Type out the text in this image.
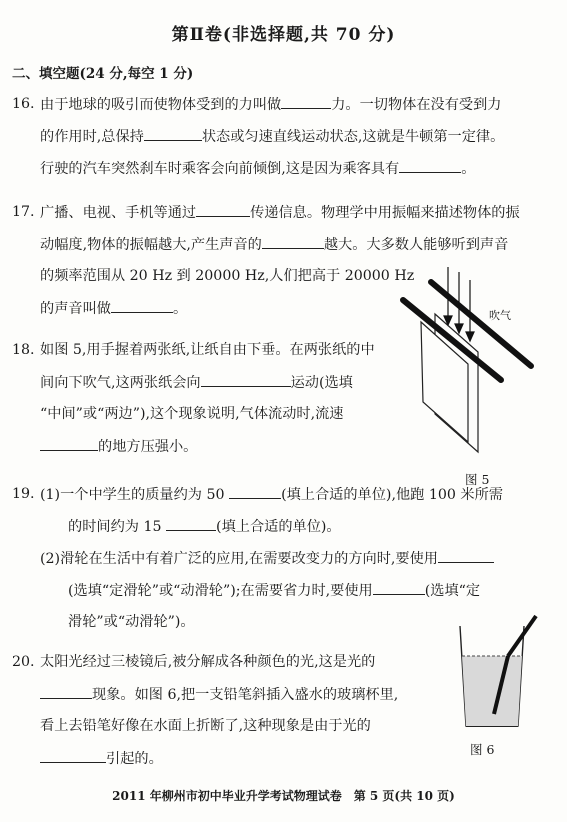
第Ⅱ卷(非选择题,共 70 分)
二、填空题(24 分,每空 1 分)
16. 由于地球的吸引而使物体受到的力叫做	力。一切物体在没有受到力
的作用时,总保持	状态或匀速直线运动状态,这就是牛顿第一定律。
行驶的汽车突然刹车时乘客会向前倾倒,这是因为乘客具有	。
17. 广播、电视、手机等通过	传递信息。物理学中用振幅来描述物体的振
动幅度,物体的振幅越大,产生声音的	越大。大多数人能够听到声音
的频率范围从 20 Hz 到 20000 Hz,人们把高于 20000 Hz
的声音叫做	。
18. 如图 5,用手握着两张纸,让纸自由下垂。在两张纸的中
间向下吹气,这两张纸会向	运动(选填
“中间”或“两边”),这个现象说明,气体流动时,流速
的地方压强小。
吹气
图 5
19. (1)一个中学生的质量约为 50	(填上合适的单位),他跑 100 米所需
的时间约为 15	(填上合适的单位)。
(2)滑轮在生活中有着广泛的应用,在需要改变力的方向时,要使用
(选填“定滑轮”或“动滑轮”);在需要省力时,要使用	(选填“定
滑轮”或“动滑轮”)。
20. 太阳光经过三棱镜后,被分解成各种颜色的光,这是光的
现象。如图 6,把一支铅笔斜插入盛水的玻璃杯里,
看上去铅笔好像在水面上折断了,这种现象是由于光的
引起的。
图 6
2011 年柳州市初中毕业升学考试物理试卷　第 5 页(共 10 页)
